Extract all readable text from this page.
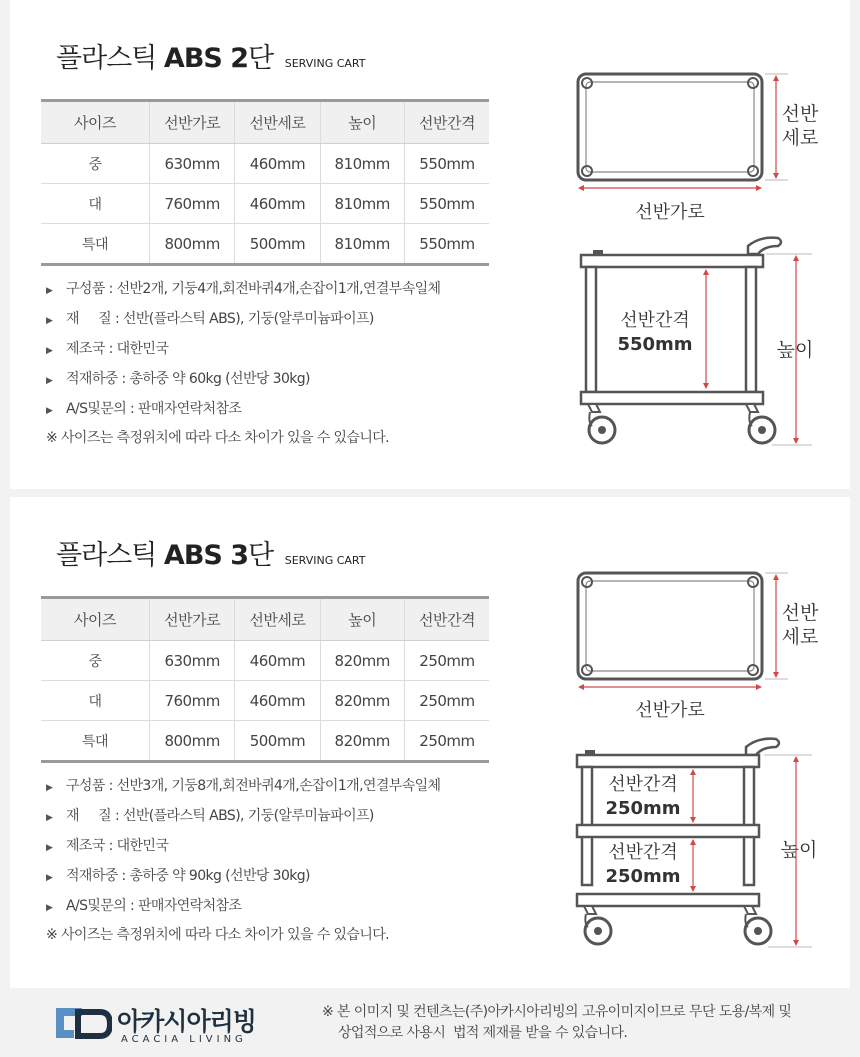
플라스틱 ABS 2단 SERVING CART
사이즈	선반가로	선반세로	높이	선반간격
중	630mm	460mm	810mm	550mm
대	760mm	460mm	810mm	550mm
특대	800mm	500mm	810mm	550mm
▶ 구성품 : 선반2개, 기둥4개,회전바퀴4개,손잡이1개,연결부속일체
▶ 재     질 : 선반(플라스틱 ABS), 기둥(알루미늄파이프)
▶ 제조국 : 대한민국
▶ 적재하중 : 총하중 약 60kg (선반당 30kg)
▶ A/S및문의 : 판매자연락처참조
※ 사이즈는 측정위치에 따라 다소 차이가 있을 수 있습니다.
선반
세로
선반가로
선반간격
550mm	높이
플라스틱 ABS 3단 SERVING CART
사이즈	선반가로	선반세로	높이	선반간격
중	630mm	460mm	820mm	250mm
대	760mm	460mm	820mm	250mm
특대	800mm	500mm	820mm	250mm
▶ 구성품 : 선반3개, 기둥8개,회전바퀴4개,손잡이1개,연결부속일체
▶ 재     질 : 선반(플라스틱 ABS), 기둥(알루미늄파이프)
▶ 제조국 : 대한민국
▶ 적재하중 : 총하중 약 90kg (선반당 30kg)
▶ A/S및문의 : 판매자연락처참조
※ 사이즈는 측정위치에 따라 다소 차이가 있을 수 있습니다.
선반
세로
선반가로
선반간격
250mm
선반간격
250mm
높이
아카시아리빙
ACACIA LIVING
※ 본 이미지 및 컨텐츠는(주)아카시아리빙의 고유이미지이므로 무단 도용/복제 및
상업적으로 사용시  법적 제재를 받을 수 있습니다.
